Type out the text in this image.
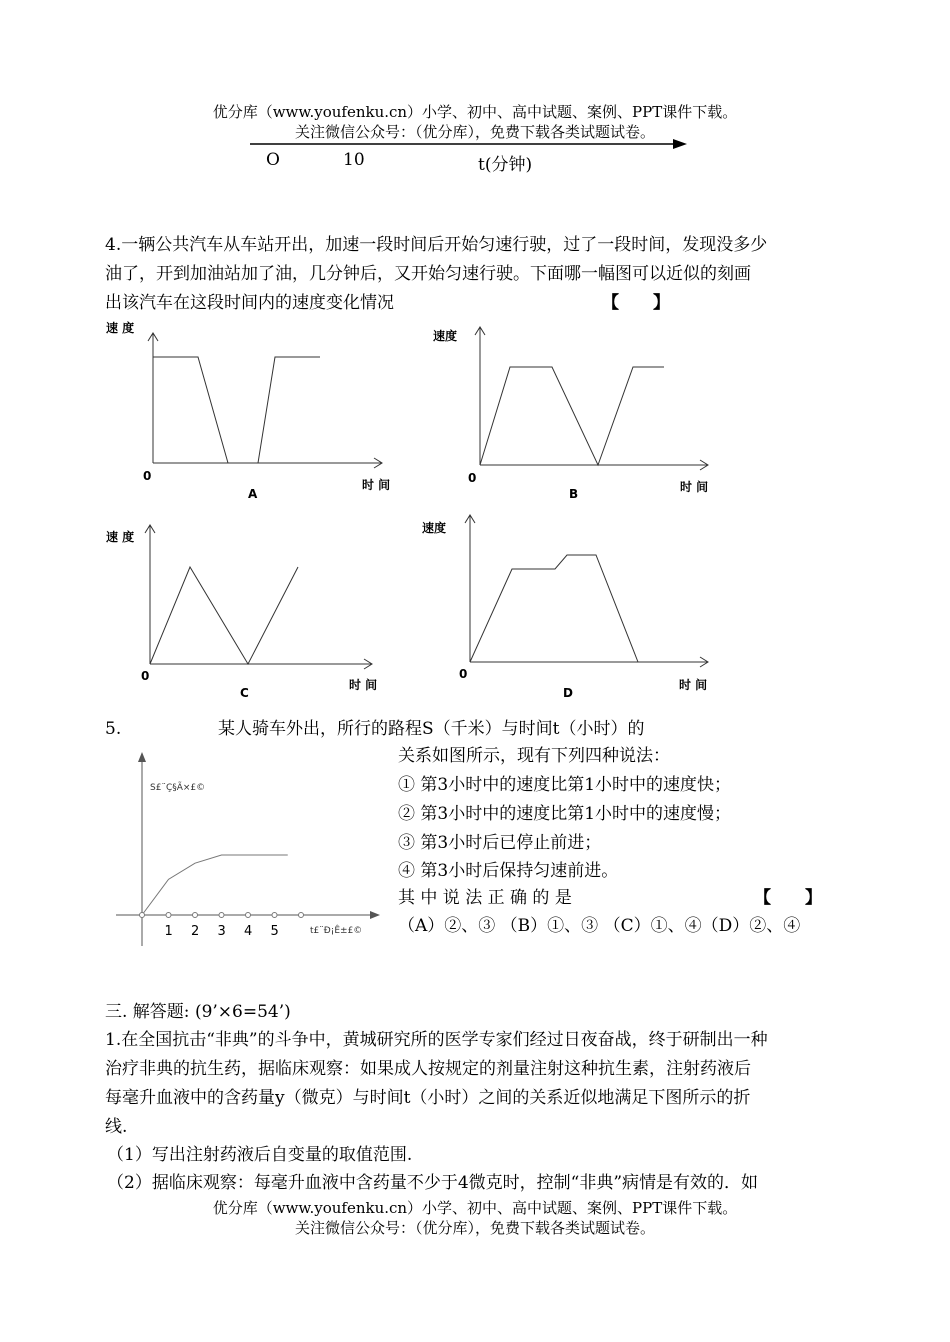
优分库（www.youfenku.cn）小学、初中、高中试题、案例、PPT课件下载。
关注微信公众号：（优分库），免费下载各类试题试卷。
O	10	t(分钟)
4.一辆公共汽车从车站开出，加速一段时间后开始匀速行驶，过了一段时间，发现没多少
油了，开到加油站加了油，几分钟后，又开始匀速行驶。下面哪一幅图可以近似的刻画
出该汽车在这段时间内的速度变化情况	【　　】
速 度
0
时 间
A
速度
0
时 间
B
速 度
0
时 间
C
速度
0
时 间
D
5.	某人骑车外出，所行的路程S（千米）与时间t（小时）的
关系如图所示，现有下列四种说法：
① 第3小时中的速度比第1小时中的速度快；
② 第3小时中的速度比第1小时中的速度慢；
③ 第3小时后已停止前进；
④ 第3小时后保持匀速前进。
其 中 说 法 正 确 的 是	【　　】
（A）②、③ （B）①、③ （C）①、④（D）②、④
1 2 3 4 5
S£¨Ç§Ã×£©
t£¨Ð¡Ê±£©
三. 解答题: (9’×6=54’)
1.在全国抗击“非典”的斗争中，黄城研究所的医学专家们经过日夜奋战，终于研制出一种
治疗非典的抗生药，据临床观察：如果成人按规定的剂量注射这种抗生素，注射药液后
每毫升血液中的含药量y（微克）与时间t（小时）之间的关系近似地满足下图所示的折
线.
（1）写出注射药液后自变量的取值范围.
（2）据临床观察：每毫升血液中含药量不少于4微克时，控制“非典”病情是有效的．如
优分库（www.youfenku.cn）小学、初中、高中试题、案例、PPT课件下载。
关注微信公众号：（优分库），免费下载各类试题试卷。
